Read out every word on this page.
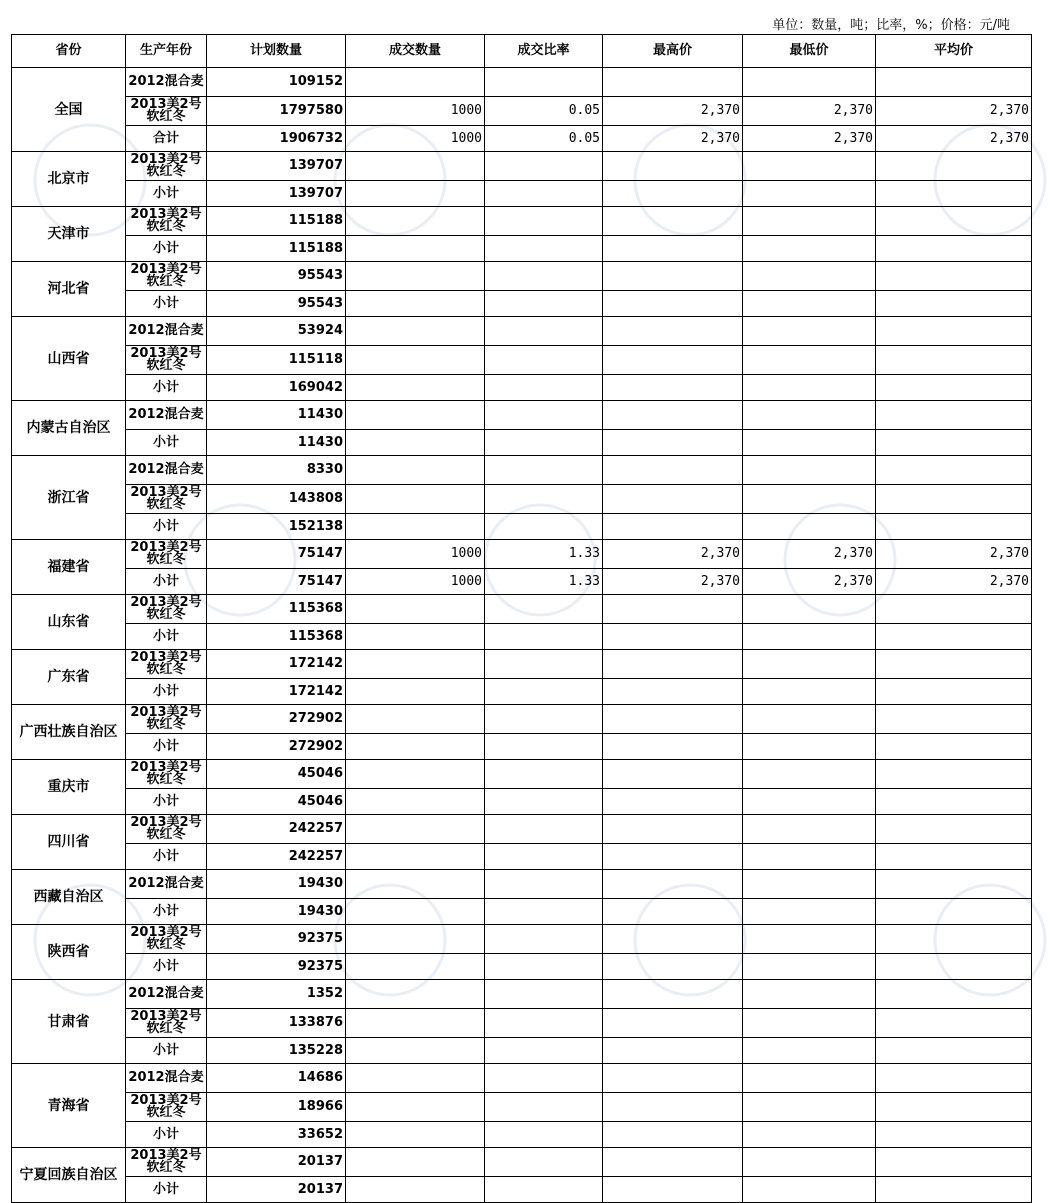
单位：数量，吨；比率，%；价格：元/吨
省份	生产年份	计划数量	成交数量	成交比率	最高价	最低价	平均价
全国	2012混合麦	109152					
	2013美2号软红冬	1797580	1000	0.05	2,370	2,370	2,370
	合计	1906732	1000	0.05	2,370	2,370	2,370
北京市	2013美2号软红冬	139707					
	小计	139707					
天津市	2013美2号软红冬	115188					
	小计	115188					
河北省	2013美2号软红冬	95543					
	小计	95543					
山西省	2012混合麦	53924					
	2013美2号软红冬	115118					
	小计	169042					
内蒙古自治区	2012混合麦	11430					
	小计	11430					
浙江省	2012混合麦	8330					
	2013美2号软红冬	143808					
	小计	152138					
福建省	2013美2号软红冬	75147	1000	1.33	2,370	2,370	2,370
	小计	75147	1000	1.33	2,370	2,370	2,370
山东省	2013美2号软红冬	115368					
	小计	115368					
广东省	2013美2号软红冬	172142					
	小计	172142					
广西壮族自治区	2013美2号软红冬	272902					
	小计	272902					
重庆市	2013美2号软红冬	45046					
	小计	45046					
四川省	2013美2号软红冬	242257					
	小计	242257					
西藏自治区	2012混合麦	19430					
	小计	19430					
陕西省	2013美2号软红冬	92375					
	小计	92375					
甘肃省	2012混合麦	1352					
	2013美2号软红冬	133876					
	小计	135228					
青海省	2012混合麦	14686					
	2013美2号软红冬	18966					
	小计	33652					
宁夏回族自治区	2013美2号软红冬	20137					
	小计	20137					
